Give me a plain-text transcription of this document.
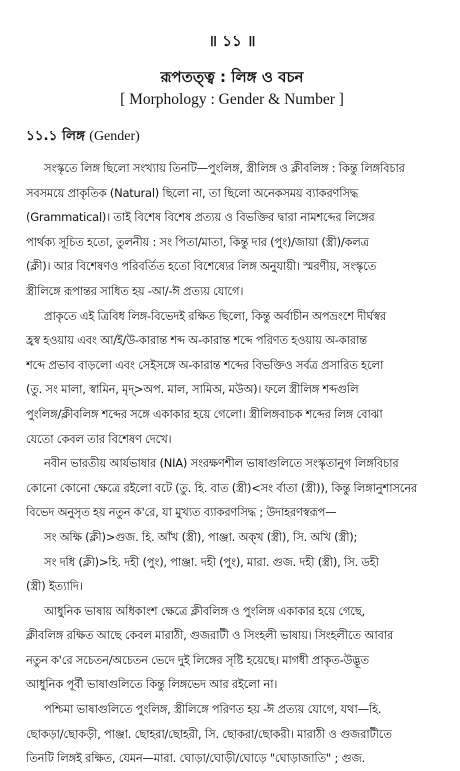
॥ ১১ ॥
রূপতত্ত্ব : লিঙ্গ ও বচন
[ Morphology : Gender & Number ]
১১.১ লিঙ্গ (Gender)
সংস্কৃতে লিঙ্গ ছিলো সংখ্যায় তিনটি—পুংলিঙ্গ, স্ত্রীলিঙ্গ ও ক্লীবলিঙ্গ : কিন্তু লিঙ্গবিচার
সবসময়ে প্রাকৃতিক (Natural) ছিলো না, তা ছিলো অনেকসময় ব্যাকরণসিদ্ধ
(Grammatical)। তাই বিশেষ বিশেষ প্রত্যয় ও বিভক্তির দ্বারা নামশব্দের লিঙ্গের
পার্থক্য সূচিত হতো, তুলনীয় : সং পিতা/মাতা, কিন্তু দার (পুং)/জায়া (স্ত্রী)/কলত্র
(ক্লী)। আর বিশেষণও পরিবর্তিত হতো বিশেষ্যের লিঙ্গ অনুযায়ী। স্মরণীয়, সংস্কৃতে
স্ত্রীলিঙ্গে রূপান্তর সাধিত হয় -আ/-ঈ প্রত্যয় যোগে।
প্রাকৃতে এই ত্রিবিধ লিঙ্গ-বিভেদই রক্ষিত ছিলো, কিন্তু অর্বাচীন অপভ্রংশে দীর্ঘস্বর
হ্রস্ব হওয়ায় এবং আ/ই/উ-কারান্ত শব্দ অ-কারান্ত শব্দে পরিণত হওয়ায় অ-কারান্ত
শব্দে প্রভাব বাড়লো এবং সেইসঙ্গে অ-কারান্ত শব্দের বিভক্তিও সর্বত্র প্রসারিত হলো
(তু. সং মালা, স্বামিন, মৃদ্>অপ. মাল, সামিঅ, মউঅ)। ফলে স্ত্রীলিঙ্গ শব্দগুলি
পুংলিঙ্গ/ক্লীবলিঙ্গ শব্দের সঙ্গে একাকার হয়ে গেলো। স্ত্রীলিঙ্গবাচক শব্দের লিঙ্গ বোঝা
যেতো কেবল তার বিশেষণ দেখে।
নবীন ভারতীয় আর্যভাষার (NIA) সংরক্ষণশীল ভাষাগুলিতে সংস্কৃতানুগ লিঙ্গবিচার
কোনো কোনো ক্ষেত্রে রইলো বটে (তু. হি. বাত (স্ত্রী)<সং র্বাতা (স্ত্রী)), কিন্তু লিঙ্গানুশাসনের
বিভেদ অনুসৃত হয় নতুন ক'রে, যা মুখ্যত ব্যাকরণসিদ্ধ ; উদাহরণস্বরূপ—
সং অক্ষি (ক্লী)>গুজ. হি. আঁখ (স্ত্রী), পাঞ্জা. অক্‌খ (স্ত্রী), সি. অখি (স্ত্রী);
সং দধি (ক্লী)>হি. দহী (পুং), পাঞ্জা. দহী (পুং), মারা. গুজ. দহী (স্ত্রী), সি. ডহী
(স্ত্রী) ইত্যাদি।
আধুনিক ভাষায় অধিকাংশ ক্ষেত্রে ক্লীবলিঙ্গ ও পুংলিঙ্গ একাকার হয়ে গেছে,
ক্লীবলিঙ্গ রক্ষিত আছে কেবল মারাঠী, গুজরাটী ও সিংহলী ভাষায়। সিংহলীতে আবার
নতুন ক'রে সচেতন/অচেতন ভেদে দুই লিঙ্গের সৃষ্টি হয়েছে। মাগধী প্রাকৃত-উদ্ভূত
আধুনিক পূর্বী ভাষাগুলিতে কিন্তু লিঙ্গভেদ আর রইলো না।
পশ্চিমা ভাষাগুলিতে পুংলিঙ্গ, স্ত্রীলিঙ্গে পরিণত হয় -ঈ প্রত্যয় যোগে, যথা—হি.
ছোকড়া/ছোকড়ী, পাঞ্জা. ছোহরা/ছোহরী, সি. ছোকরা/ছোকরী। মারাঠী ও গুজরাটীতে
তিনটি লিঙ্গই রক্ষিত, যেমন—মারা. ঘোড়া/ঘোড়ী/ঘোড়ে "ঘোড়াজাতি" ; গুজ.
